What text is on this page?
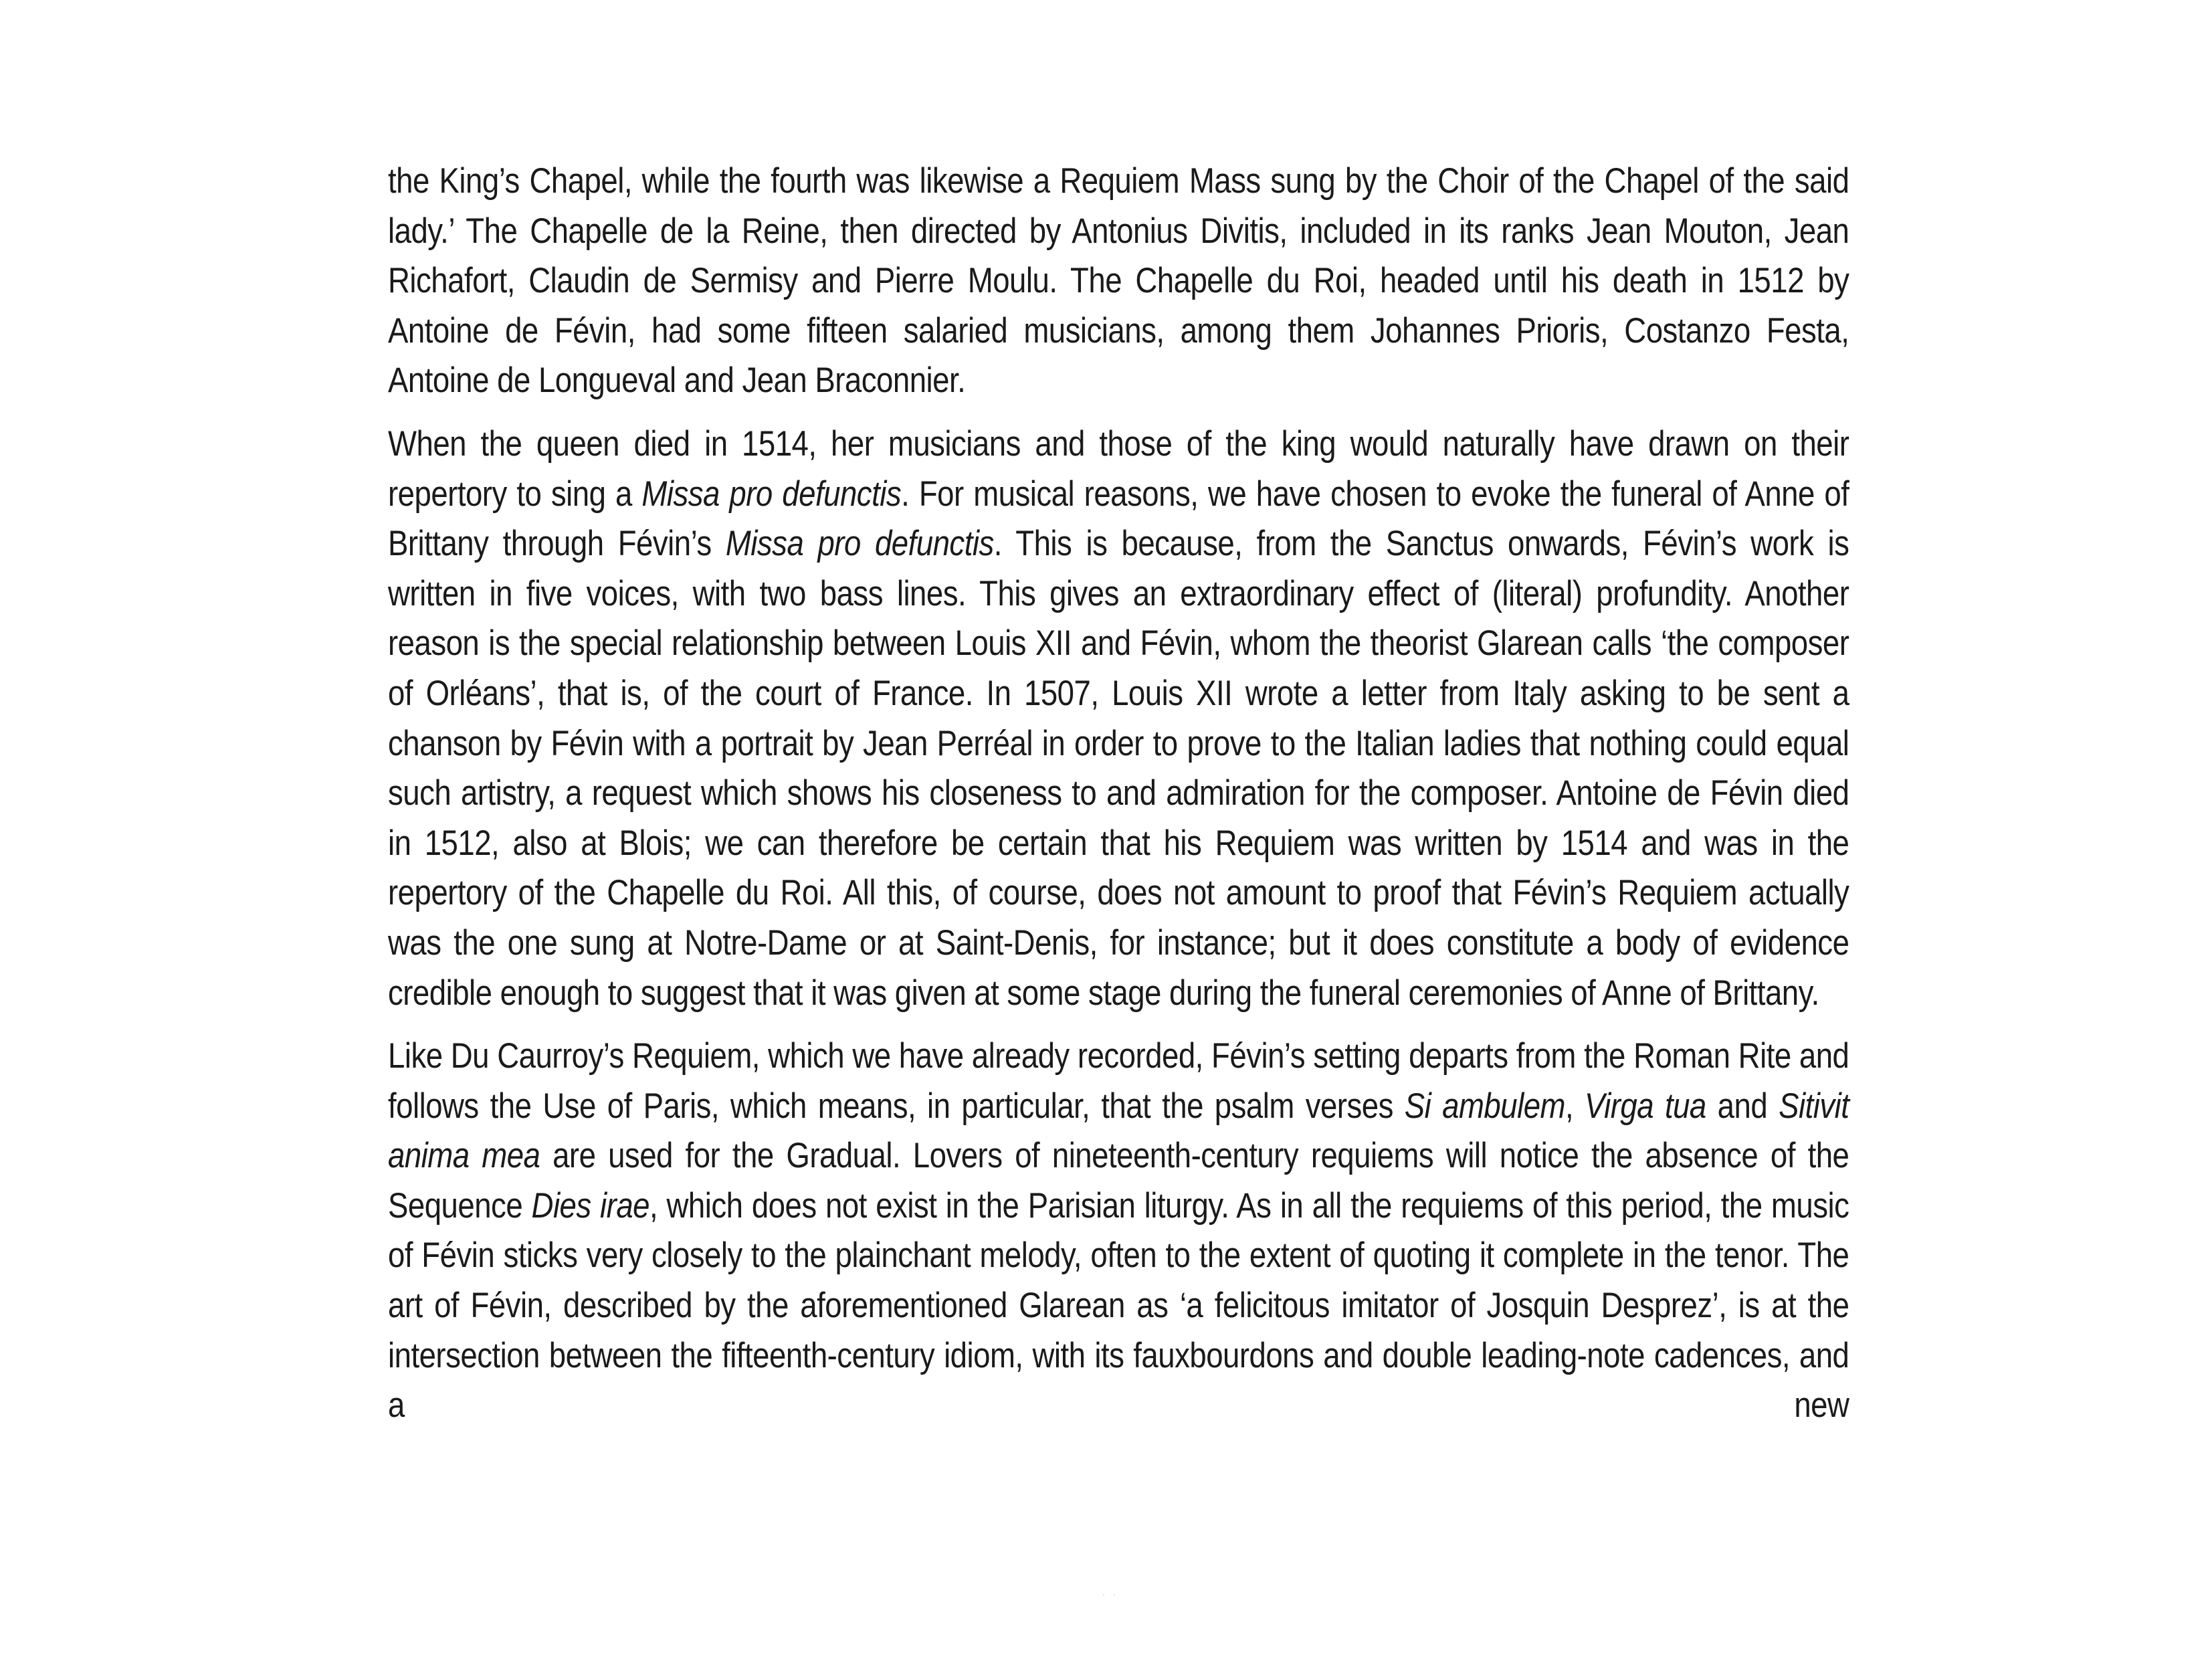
the King’s Chapel, while the fourth was likewise a Requiem Mass sung by the Choir of the Chapel of the said lady.’ The Chapelle de la Reine, then directed by Antonius Divitis, included in its ranks Jean Mouton, Jean Richafort, Claudin de Sermisy and Pierre Moulu. The Chapelle du Roi, headed until his death in 1512 by Antoine de Févin, had some fifteen salaried musicians, among them Johannes Prioris, Costanzo Festa, Antoine de Longueval and Jean Braconnier.

When the queen died in 1514, her musicians and those of the king would naturally have drawn on their repertory to sing a Missa pro defunctis. For musical reasons, we have chosen to evoke the funeral of Anne of Brittany through Févin’s Missa pro defunctis. This is because, from the Sanctus onwards, Févin’s work is written in five voices, with two bass lines. This gives an extraordinary effect of (literal) profundity. Another reason is the special relationship between Louis XII and Févin, whom the theorist Glarean calls ‘the composer of Orléans’, that is, of the court of France. In 1507, Louis XII wrote a letter from Italy asking to be sent a chanson by Févin with a portrait by Jean Perréal in order to prove to the Italian ladies that nothing could equal such artistry, a request which shows his closeness to and admiration for the composer. Antoine de Févin died in 1512, also at Blois; we can therefore be certain that his Requiem was written by 1514 and was in the repertory of the Chapelle du Roi. All this, of course, does not amount to proof that Févin’s Requiem actually was the one sung at Notre-Dame or at Saint-Denis, for instance; but it does constitute a body of evidence credible enough to suggest that it was given at some stage during the funeral ceremonies of Anne of Brittany.

Like Du Caurroy’s Requiem, which we have already recorded, Févin’s setting departs from the Roman Rite and follows the Use of Paris, which means, in particular, that the psalm verses Si ambulem, Virga tua and Sitivit anima mea are used for the Gradual. Lovers of nineteenth-century requiems will notice the absence of the Sequence Dies irae, which does not exist in the Parisian liturgy. As in all the requiems of this period, the music of Févin sticks very closely to the plainchant melody, often to the extent of quoting it complete in the tenor. The art of Févin, described by the aforementioned Glarean as ‘a felicitous imitator of Josquin Desprez’, is at the intersection between the fifteenth-century idiom, with its fauxbourdons and double leading-note cadences, and a new

. .
